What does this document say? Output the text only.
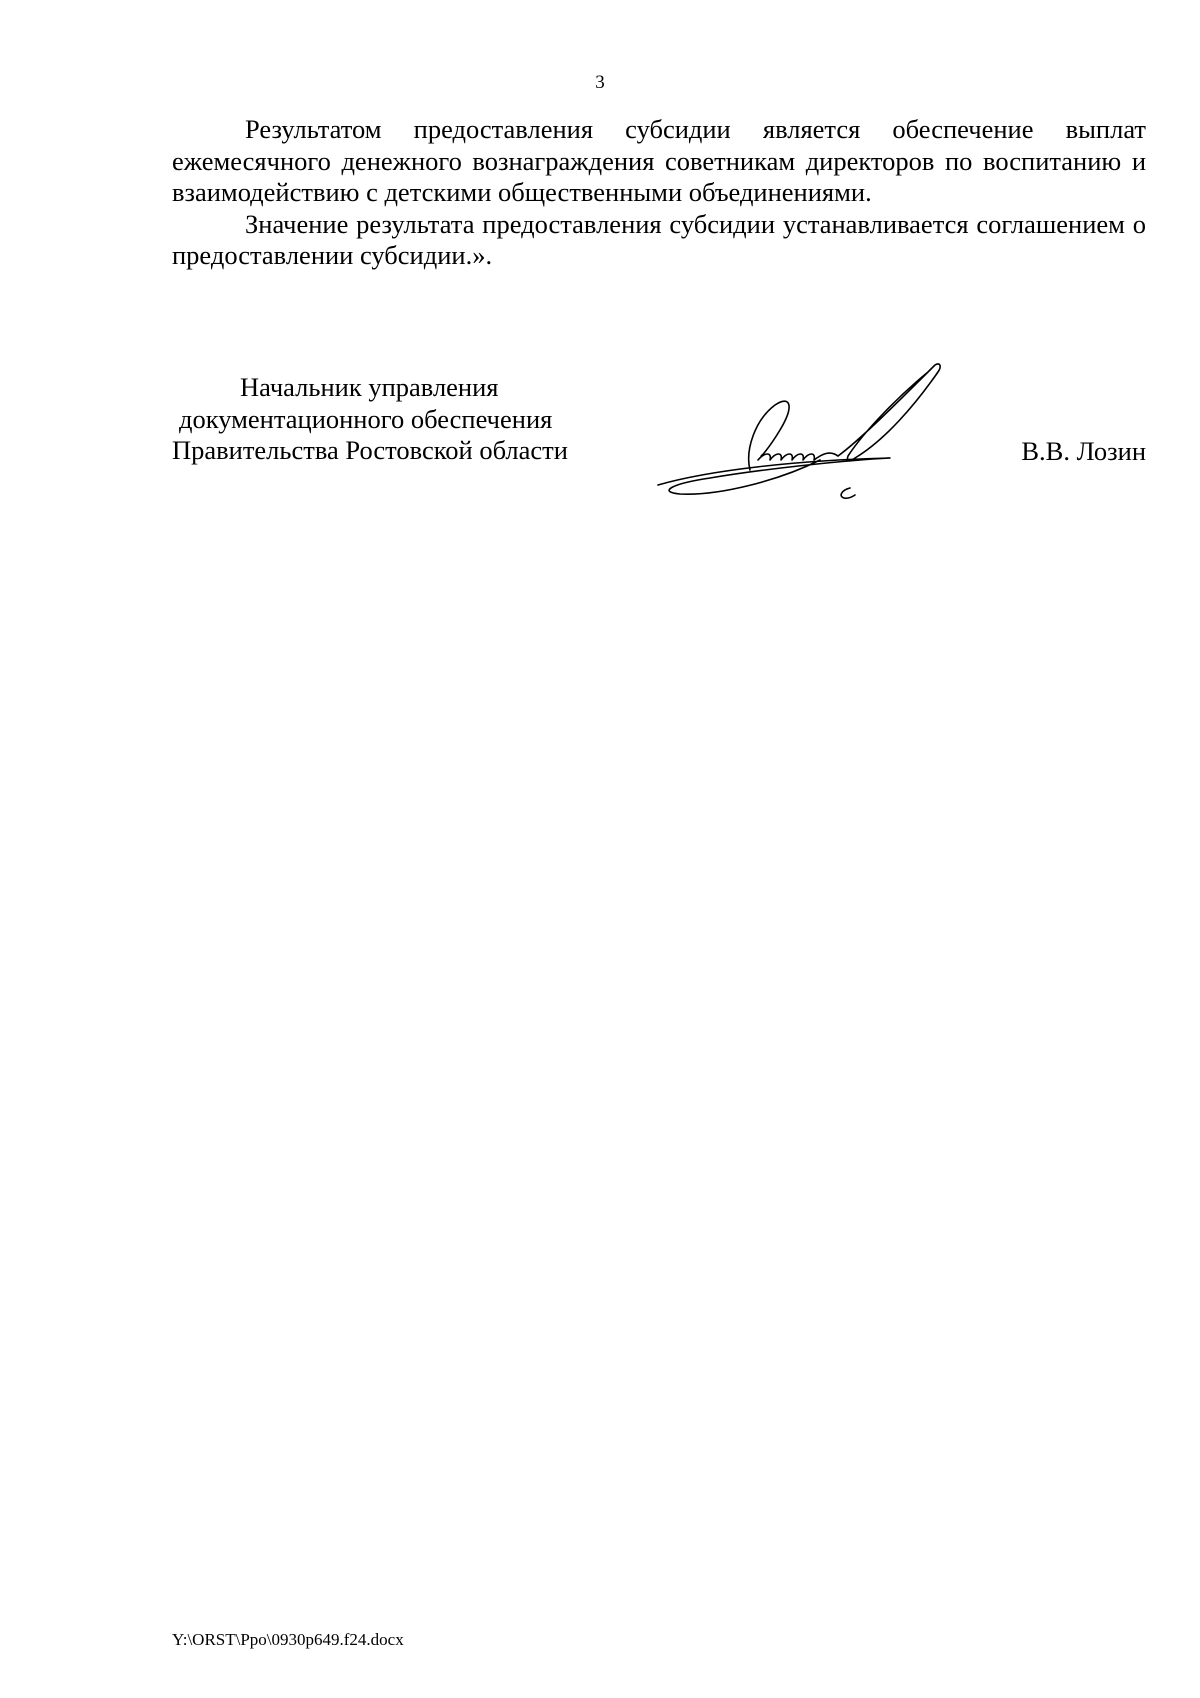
3

Результатом предоставления субсидии является обеспечение выплат ежемесячного денежного вознаграждения советникам директоров по воспитанию и взаимодействию с детскими общественными объединениями.

Значение результата предоставления субсидии устанавливается соглашением о предоставлении субсидии.».

Начальник управления
документационного обеспечения
Правительства Ростовской области	В.В. Лозин
Y:\ORST\Ppo\0930p649.f24.docx
